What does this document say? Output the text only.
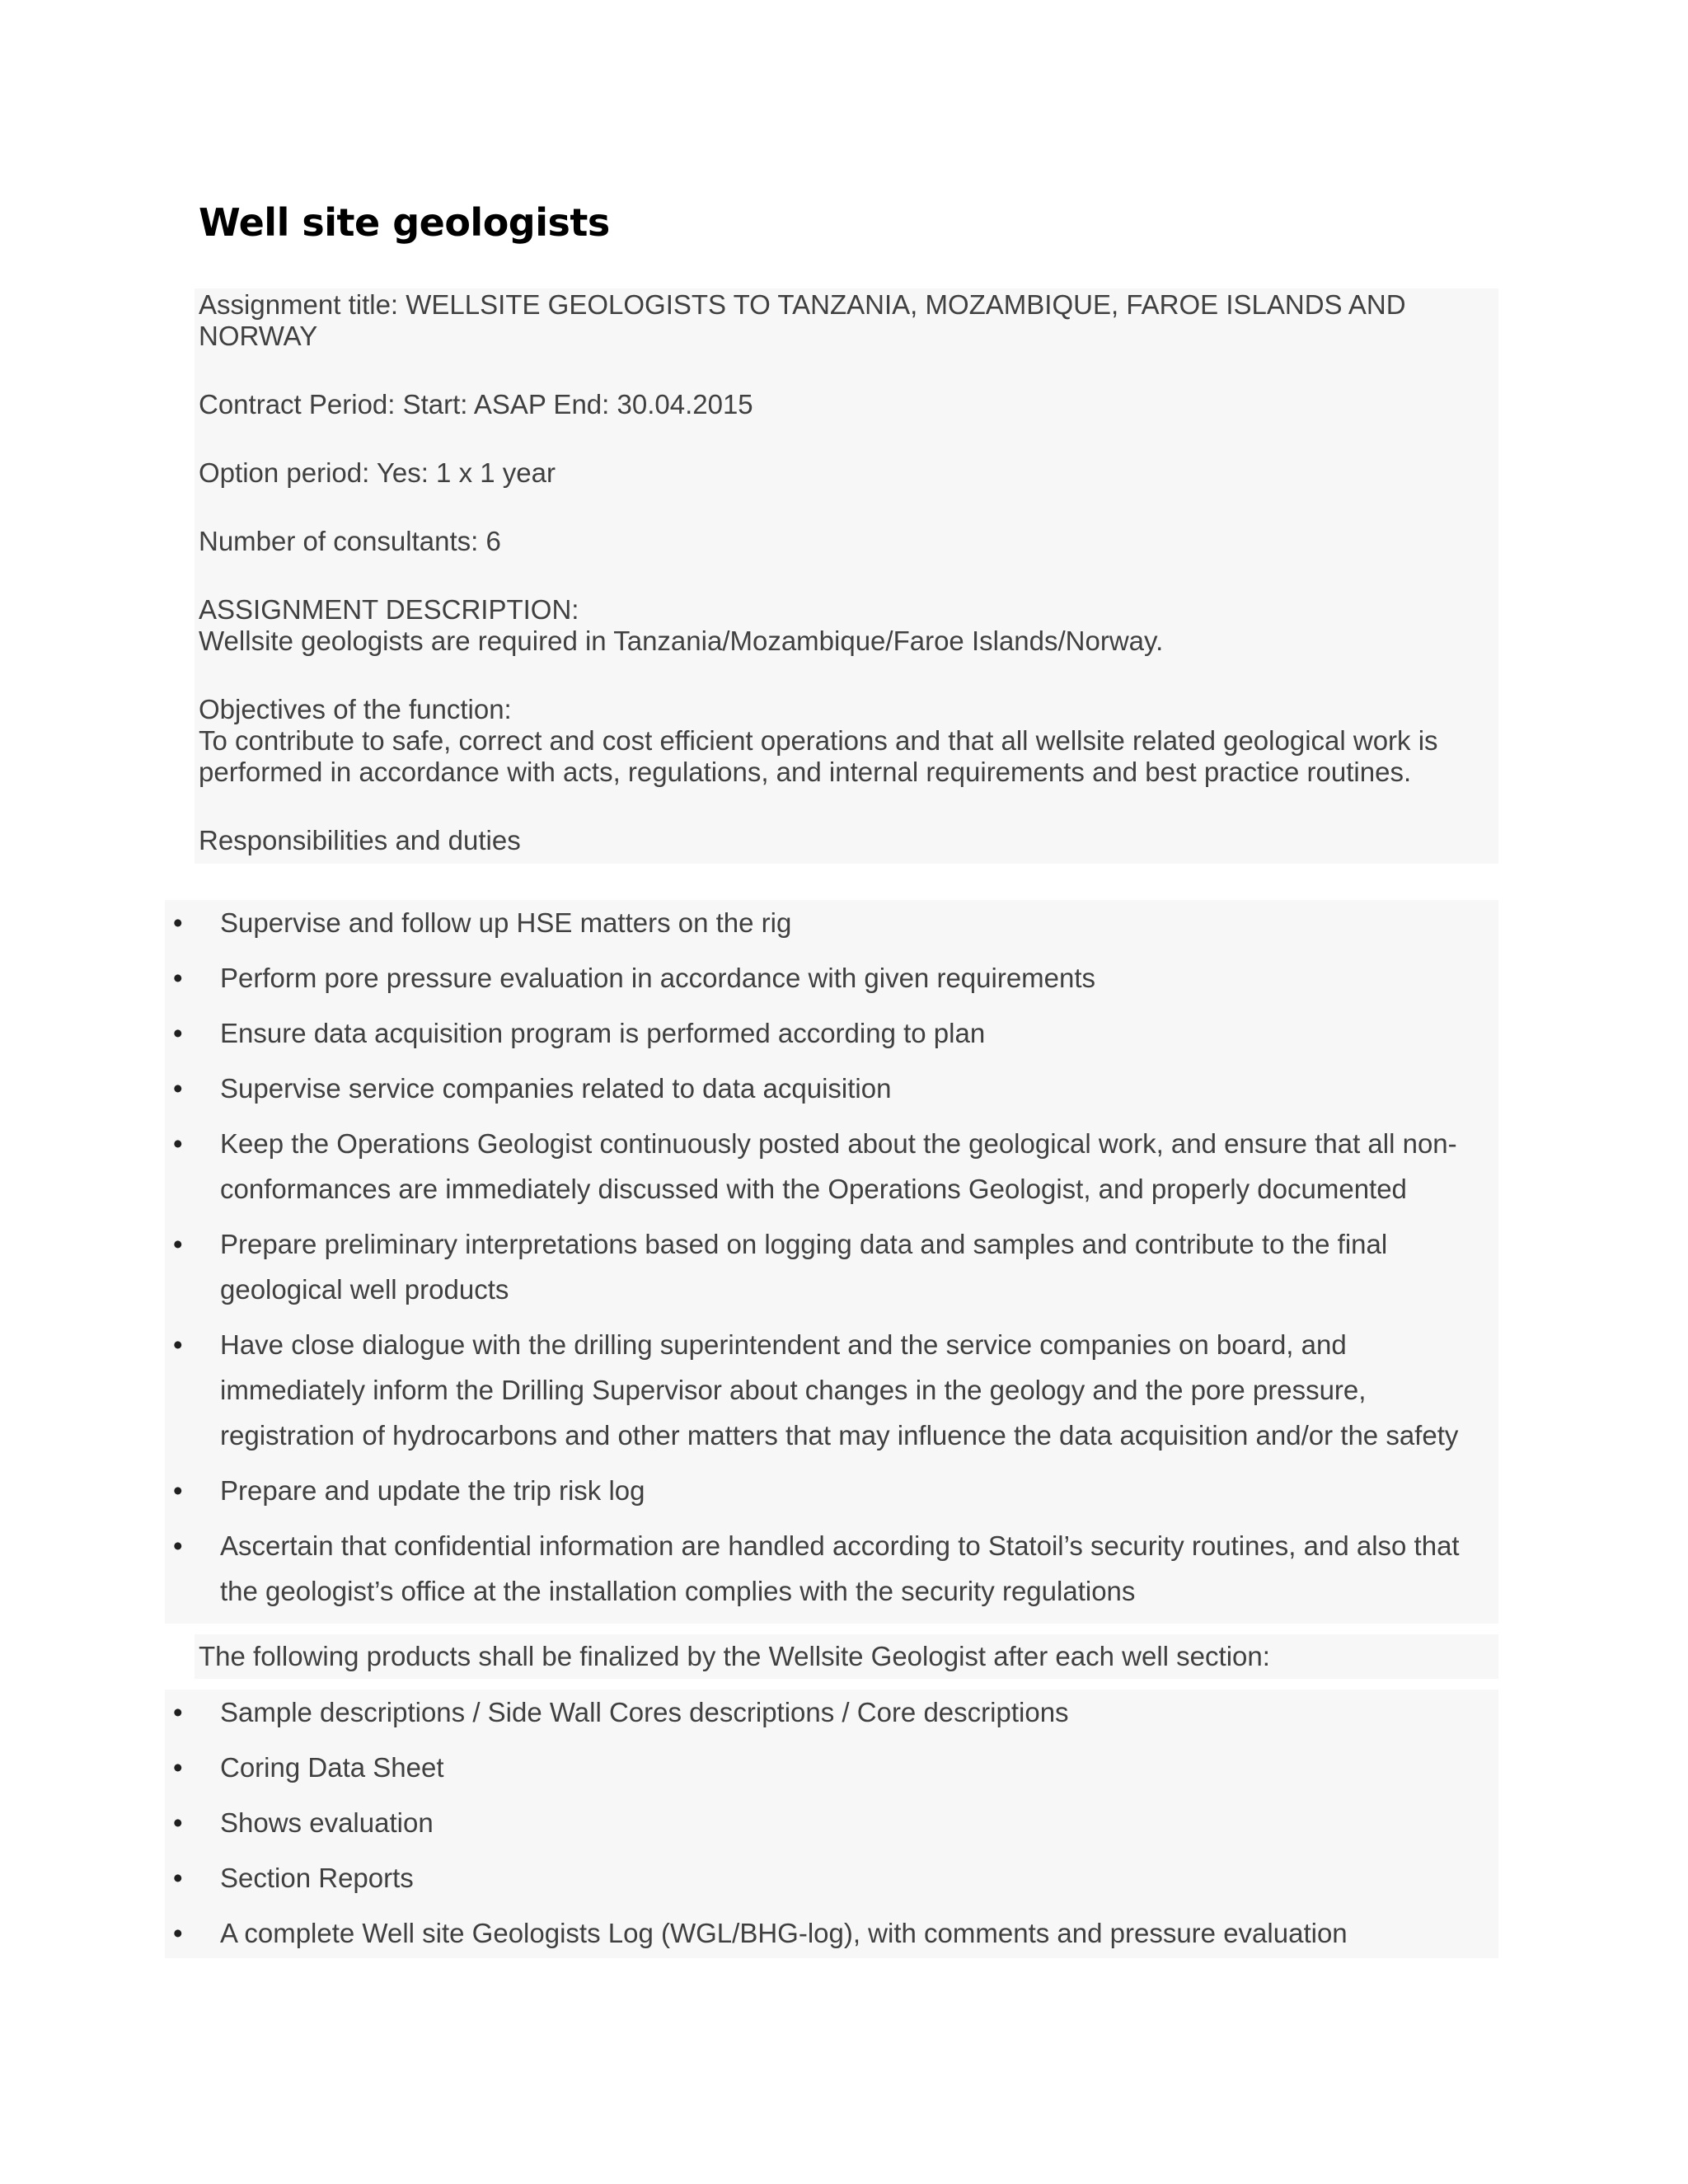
Well site geologists
Assignment title: WELLSITE GEOLOGISTS TO TANZANIA, MOZAMBIQUE, FAROE ISLANDS AND
NORWAY
Contract Period: Start: ASAP End: 30.04.2015
Option period: Yes: 1 x 1 year
Number of consultants: 6
ASSIGNMENT DESCRIPTION:
Wellsite geologists are required in Tanzania/Mozambique/Faroe Islands/Norway.
Objectives of the function:
To contribute to safe, correct and cost efficient operations and that all wellsite related geological work is
performed in accordance with acts, regulations, and internal requirements and best practice routines.
Responsibilities and duties
• Supervise and follow up HSE matters on the rig
• Perform pore pressure evaluation in accordance with given requirements
• Ensure data acquisition program is performed according to plan
• Supervise service companies related to data acquisition
• Keep the Operations Geologist continuously posted about the geological work, and ensure that all non-
conformances are immediately discussed with the Operations Geologist, and properly documented
• Prepare preliminary interpretations based on logging data and samples and contribute to the final
geological well products
• Have close dialogue with the drilling superintendent and the service companies on board, and
immediately inform the Drilling Supervisor about changes in the geology and the pore pressure,
registration of hydrocarbons and other matters that may influence the data acquisition and/or the safety
• Prepare and update the trip risk log
• Ascertain that confidential information are handled according to Statoil’s security routines, and also that
the geologist’s office at the installation complies with the security regulations
The following products shall be finalized by the Wellsite Geologist after each well section:
• Sample descriptions / Side Wall Cores descriptions / Core descriptions
• Coring Data Sheet
• Shows evaluation
• Section Reports
• A complete Well site Geologists Log (WGL/BHG-log), with comments and pressure evaluation
